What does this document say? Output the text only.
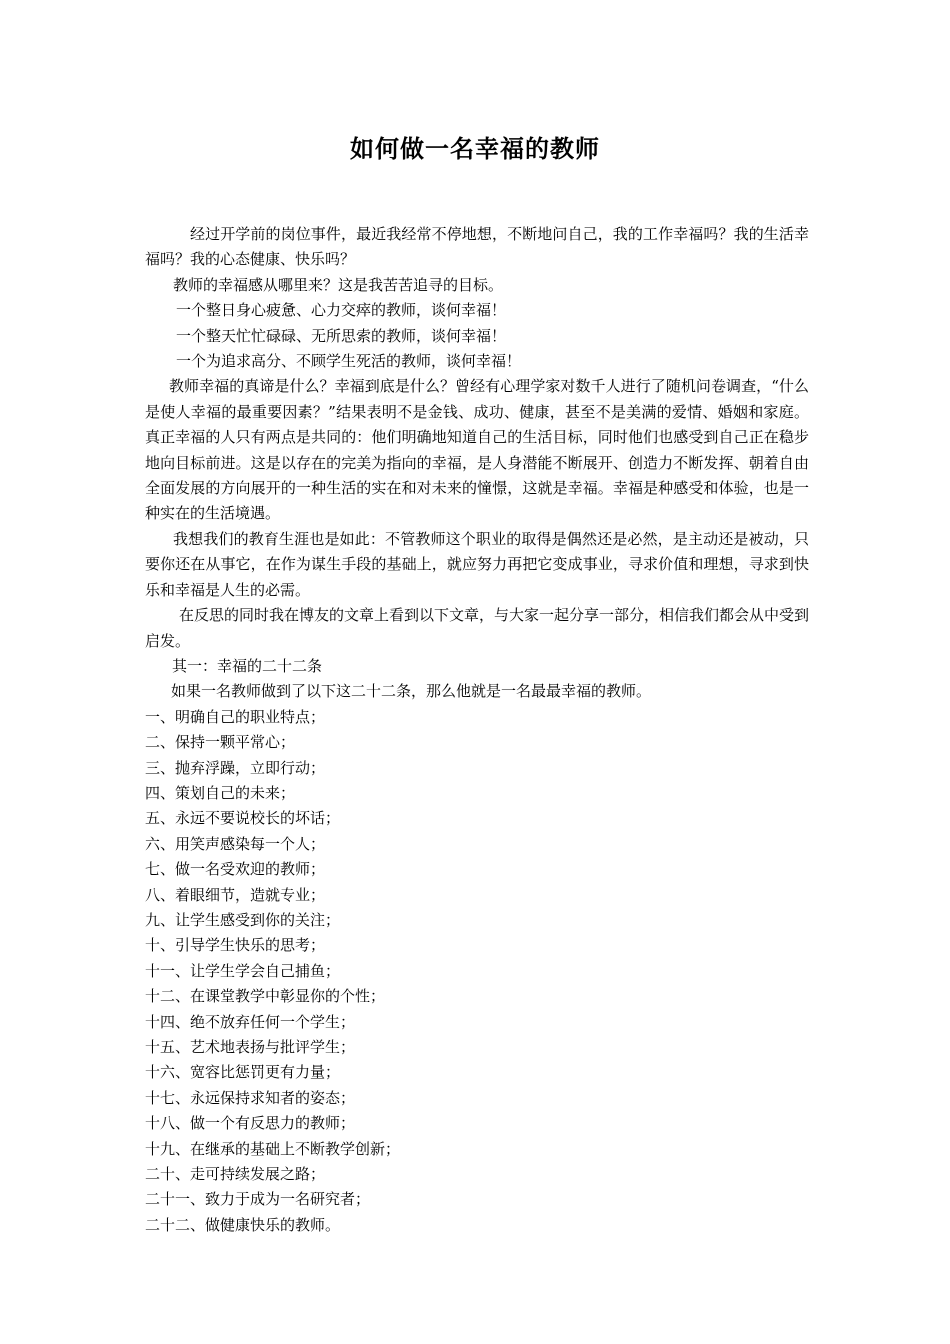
如何做一名幸福的教师

经过开学前的岗位事件，最近我经常不停地想，不断地问自己，我的工作幸福吗？我的生活幸福吗？我的心态健康、快乐吗？

教师的幸福感从哪里来？这是我苦苦追寻的目标。

一个整日身心疲惫、心力交瘁的教师，谈何幸福！

一个整天忙忙碌碌、无所思索的教师，谈何幸福！

一个为追求高分、不顾学生死活的教师，谈何幸福！

教师幸福的真谛是什么？幸福到底是什么？曾经有心理学家对数千人进行了随机问卷调查，“什么是使人幸福的最重要因素？”结果表明不是金钱、成功、健康，甚至不是美满的爱情、婚姻和家庭。真正幸福的人只有两点是共同的：他们明确地知道自己的生活目标，同时他们也感受到自己正在稳步地向目标前进。这是以存在的完美为指向的幸福，是人身潜能不断展开、创造力不断发挥、朝着自由全面发展的方向展开的一种生活的实在和对未来的憧憬，这就是幸福。幸福是种感受和体验，也是一种实在的生活境遇。

我想我们的教育生涯也是如此：不管教师这个职业的取得是偶然还是必然，是主动还是被动，只要你还在从事它，在作为谋生手段的基础上，就应努力再把它变成事业，寻求价值和理想，寻求到快乐和幸福是人生的必需。

在反思的同时我在博友的文章上看到以下文章，与大家一起分享一部分，相信我们都会从中受到启发。

其一：幸福的二十二条

如果一名教师做到了以下这二十二条，那么他就是一名最最幸福的教师。

一、明确自己的职业特点；

二、保持一颗平常心；

三、抛弃浮躁，立即行动；

四、策划自己的未来；

五、永远不要说校长的坏话；

六、用笑声感染每一个人；

七、做一名受欢迎的教师；

八、着眼细节，造就专业；

九、让学生感受到你的关注；

十、引导学生快乐的思考；

十一、让学生学会自己捕鱼；

十二、在课堂教学中彰显你的个性；

十四、绝不放弃任何一个学生；

十五、艺术地表扬与批评学生；

十六、宽容比惩罚更有力量；

十七、永远保持求知者的姿态；

十八、做一个有反思力的教师；

十九、在继承的基础上不断教学创新；

二十、走可持续发展之路；

二十一、致力于成为一名研究者；

二十二、做健康快乐的教师。
